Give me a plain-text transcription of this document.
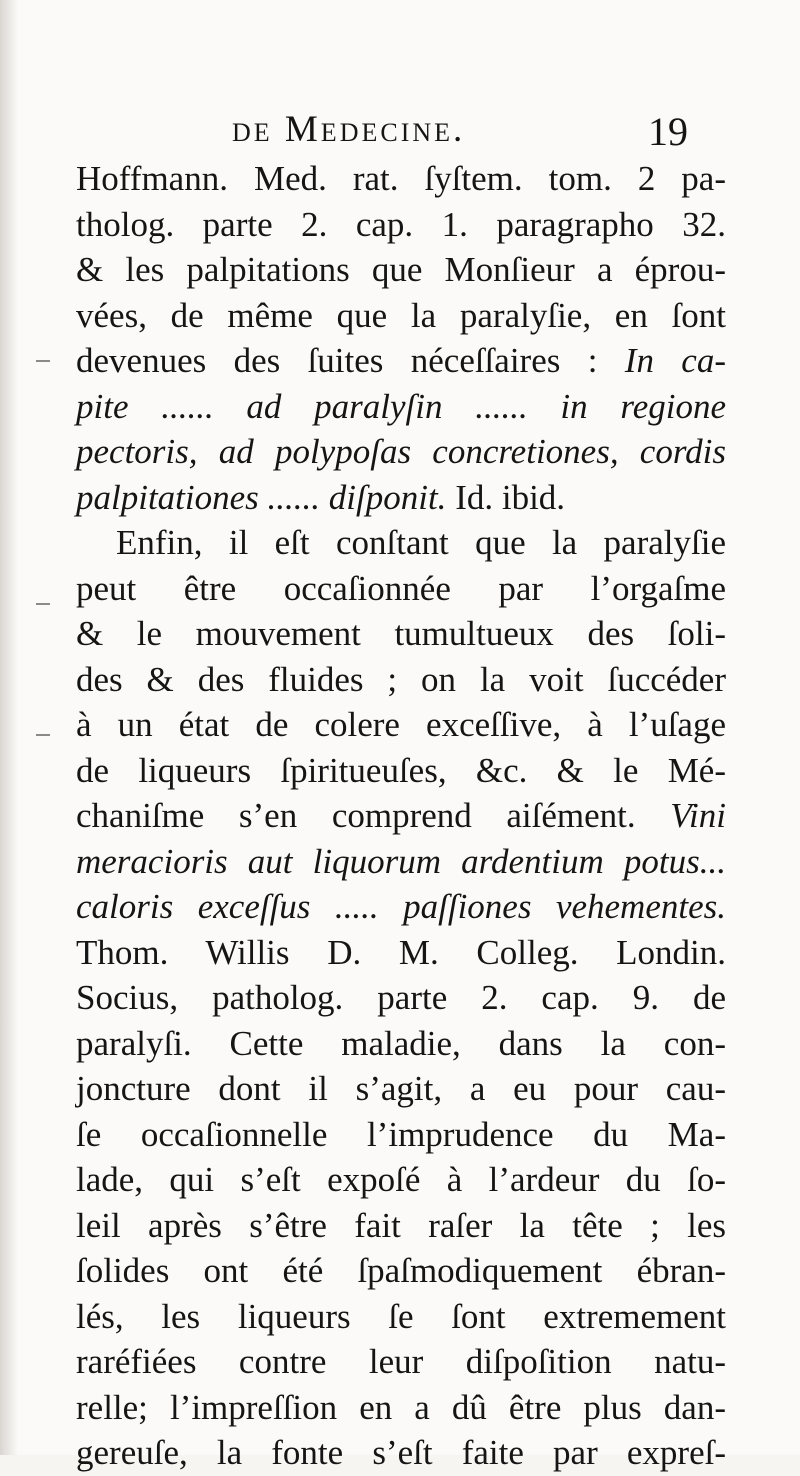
de Medecine.	19
Hoffmann. Med. rat. ſyſtem. tom. 2 pa-
tholog. parte 2. cap. 1. paragrapho 32.
& les palpitations que Monſieur a éprou-
vées, de même que la paralyſie, en ſont
devenues des ſuites néceſſaires : In ca-
pite ...... ad paralyſin ...... in regione
pectoris, ad polypoſas concretiones, cordis
palpitationes ...... diſponit. Id. ibid.
Enfin, il eſt conſtant que la paralyſie
peut être occaſionnée par l’orgaſme
& le mouvement tumultueux des ſoli-
des & des fluides ; on la voit ſuccéder
à un état de colere exceſſive, à l’uſage
de liqueurs ſpiritueuſes, &c. & le Mé-
chaniſme s’en comprend aiſément. Vini
meracioris aut liquorum ardentium potus...
caloris exceſſus ..... paſſiones vehementes.
Thom. Willis D. M. Colleg. Londin.
Socius, patholog. parte 2. cap. 9. de
paralyſi. Cette maladie, dans la con-
joncture dont il s’agit, a eu pour cau-
ſe occaſionnelle l’imprudence du Ma-
lade, qui s’eſt expoſé à l’ardeur du ſo-
leil après s’être fait raſer la tête ; les
ſolides ont été ſpaſmodiquement ébran-
lés, les liqueurs ſe ſont extremement
raréfiées contre leur diſpoſition natu-
relle; l’impreſſion en a dû être plus dan-
gereuſe, la fonte s’eſt faite par expreſ-
